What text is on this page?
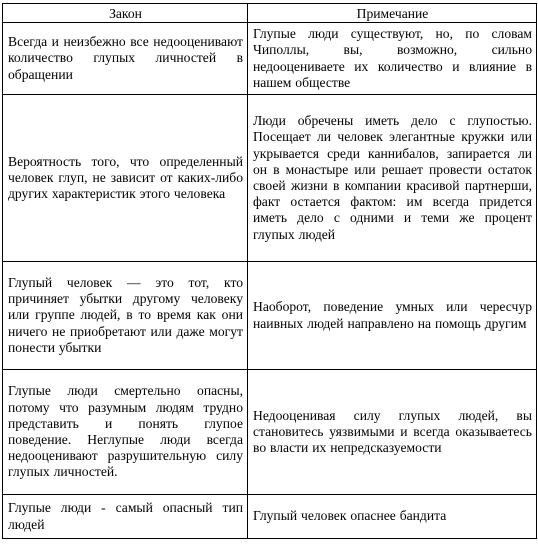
Закон	Примечание
Всегда и неизбежно все недооценивают количество глупых личностей в обращении	Глупые люди существуют, но, по словам Чиполлы, вы, возможно, сильно недооцениваете их количество и влияние в нашем обществе
Вероятность того, что определенный человек глуп, не зависит от каких-либо других характеристик этого человека	Люди обречены иметь дело с глупостью. Посещает ли человек элегантные кружки или укрывается среди каннибалов, запирается ли он в монастыре или решает провести остаток своей жизни в компании красивой партнерши, факт остается фактом: им всегда придется иметь дело с одними и теми же процент глупых людей
Глупый человек — это тот, кто причиняет убытки другому человеку или группе людей, в то время как они ничего не приобретают или даже могут понести убытки	Наоборот, поведение умных или чересчур наивных людей направлено на помощь другим
Глупые люди смертельно опасны, потому что разумным людям трудно представить и понять глупое поведение. Неглупые люди всегда недооценивают разрушительную силу глупых личностей.	Недооценивая силу глупых людей, вы становитесь уязвимыми и всегда оказываетесь во власти их непредсказуемости
Глупые люди - самый опасный тип людей	Глупый человек опаснее бандита
